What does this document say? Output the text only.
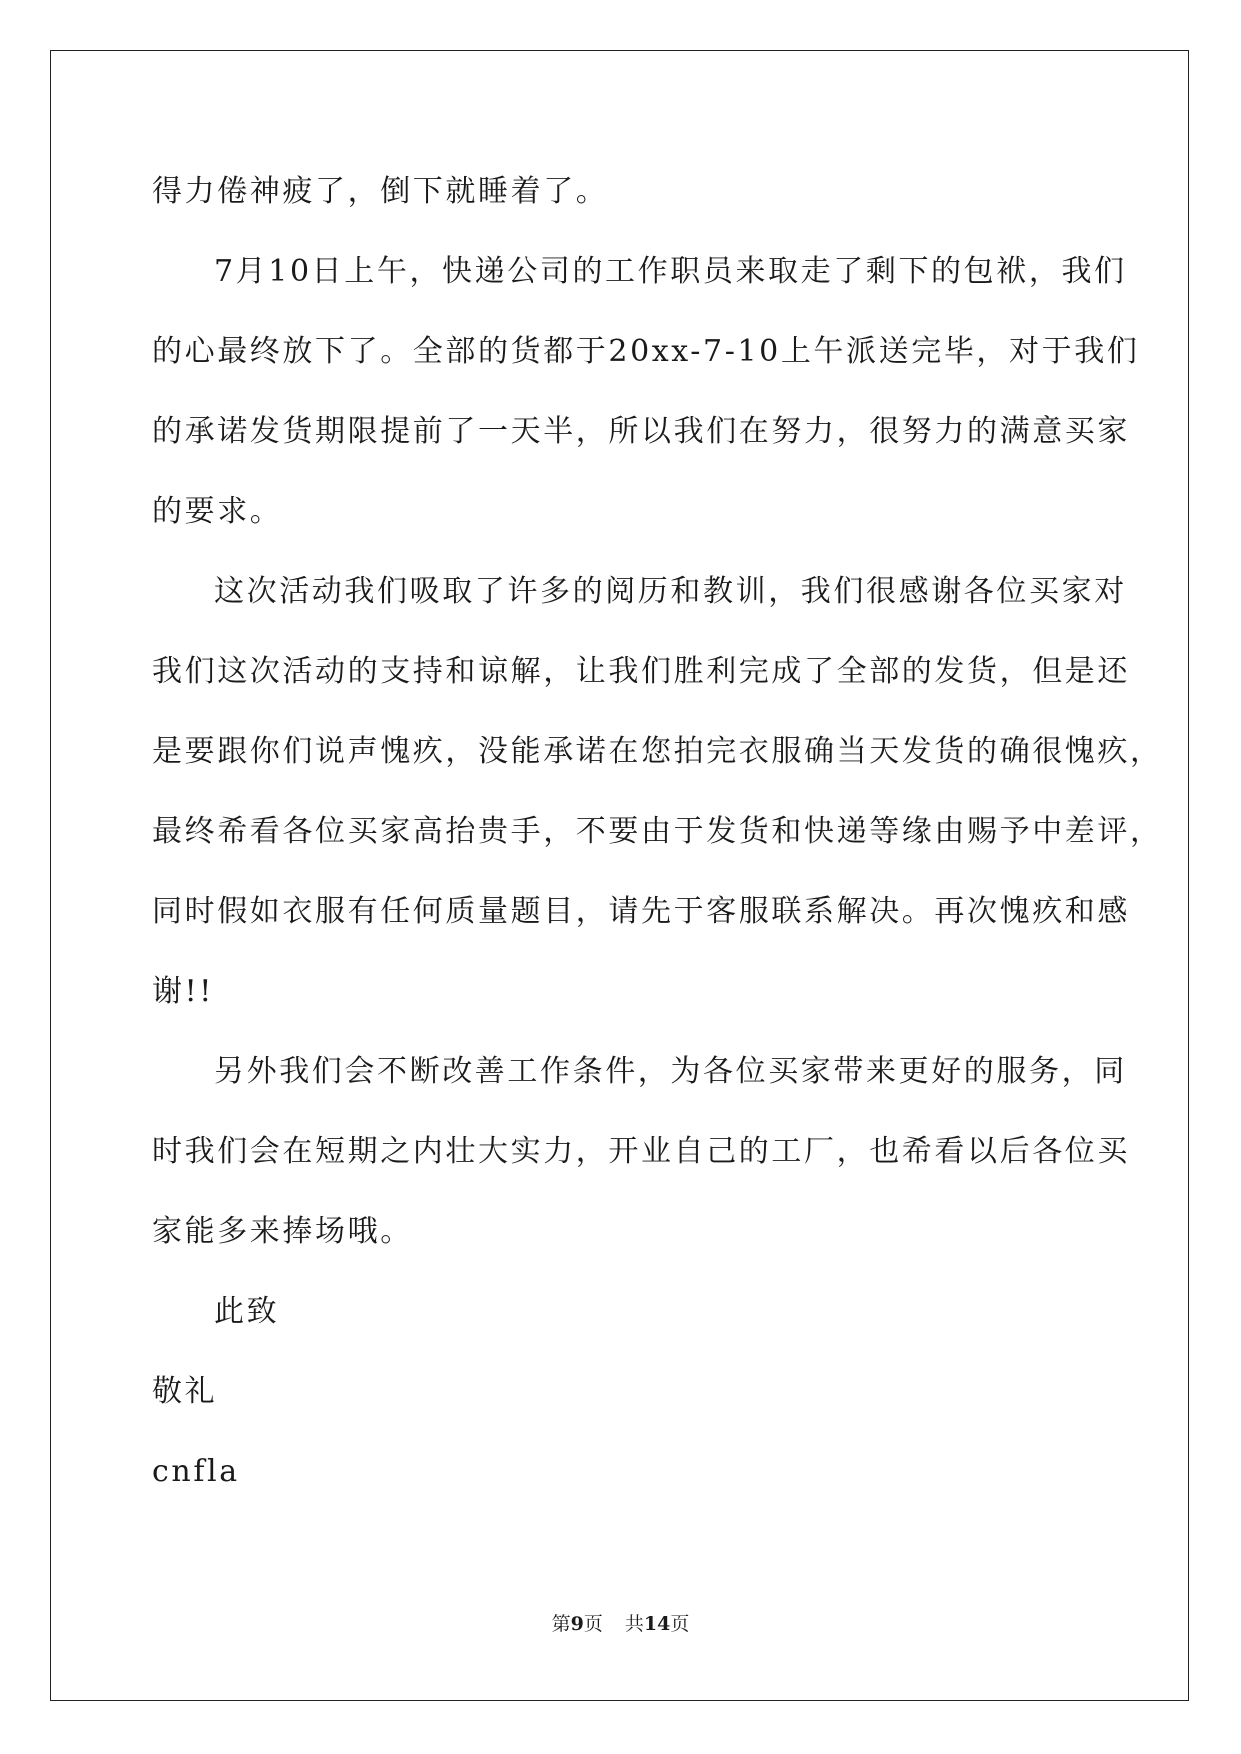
得力倦神疲了，倒下就睡着了。
7月10日上午，快递公司的工作职员来取走了剩下的包袱，我们
的心最终放下了。全部的货都于20xx-7-10上午派送完毕，对于我们
的承诺发货期限提前了一天半，所以我们在努力，很努力的满意买家
的要求。
这次活动我们吸取了许多的阅历和教训，我们很感谢各位买家对
我们这次活动的支持和谅解，让我们胜利完成了全部的发货，但是还
是要跟你们说声愧疚，没能承诺在您拍完衣服确当天发货的确很愧疚，
最终希看各位买家高抬贵手，不要由于发货和快递等缘由赐予中差评，
同时假如衣服有任何质量题目，请先于客服联系解决。再次愧疚和感
谢!!
另外我们会不断改善工作条件，为各位买家带来更好的服务，同
时我们会在短期之内壮大实力，开业自己的工厂，也希看以后各位买
家能多来捧场哦。
此致
敬礼
cnfla
第9页 共14页
